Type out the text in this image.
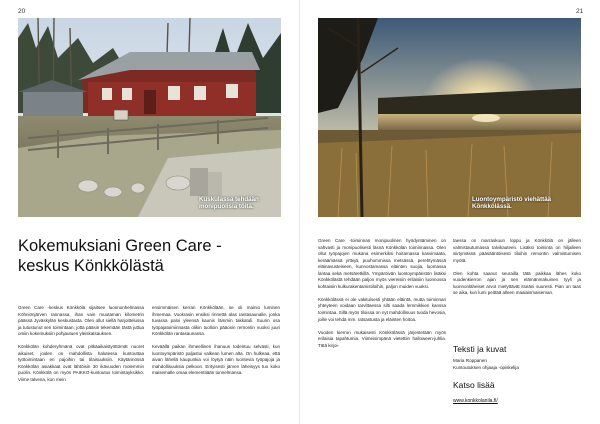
20
Kuskulassa tehdään
monipuolisia töitä.
Kokemuksiani Green Care -
keskus Könkkölästä

Green Care -keskus Könkkölä sijaitsee luonnonhelmassa Köhniönjärven rannassa, ihan vain muutaman kilometrin päässä Jyväskylän keskustasta. Olen ollut siellä harjoittelussa ja tutustunut sen toimintaan, jotta pääsin tekemään tästä juttua omiin kokemuksiin pohjautuen yleiskatsauksen.

Könkkölän kohderyhmänä ovat pitkäaikaistyöttömät nuoret aikuiset, joiden on mahdollista halutessa kuntouttaa työtoimintaan eri pajoihin tai tilaisuuksiin. Käytännössä Könkkölän asiakkaat ovat lähtöisin 30 ikävuoden molemmin puolin. Könkkölä on myös PAIKKO-kuntoutus toimintayksikkö. Viime talvena, kun mein

ensimmäisen kerran Könkkölään, se oli mainio luminen ihmemaa. Vuokrasin ensiksi rinnettä alas rantasaunalle, jonka tuvassa paloi yleensä kaunis lämmin takkatuli. Suurin osa työpajatoiminnasta olikin tuolloin pääosin remontin vuoksi juuri Könkkölän rantasaunassa.

Keväällä paikan ihmeellinen ihanuus todentuu selvästi, kun luontoympäristö paljastui valkean lumen alta. On hulkeaa, että aivan lähellä kaupunkia voi löytyä näin luontevia työpajoja ja mahdollisuuksia pelkoon. Erityisesti järven läheisyys tuo koko maisemalle omaa elementtiään tunnelmansa.

21
Luontoympäristö viehättää
Könkkölässä.

Green Care -toiminnan monipuolinen hyödyntäminen on vahvasti ja monipuolisesti läsnä Könkkölän toiminnassa. Olen ollut työpajojen mukana esimerkiksi hoitamassa kasvimaata, keräämässä yrttejä, puuhommissa metsässä, perehtymässä eläinavusteiseen, kunnostamassa eläinten suojia, luomassa lantaa sekä metsäretkillä. Ympäröivän luontoympäristön lisäksi Könkkölästä tehdään paljon myös viereisiin erilaisiin luonnossa kohtaisiin kulkurakentamistiloihin, paljon muiden vuoksi.

Könkkölässä ei ole vakituisesti yhtään eläintä, mutta toiminnan yhteyteen voidaan tarvittaessa silti saada lemmikkien kanssa toimintaa. Sillä myös tiloissa on nyt mahdollisuus tuoda hevosia, joille voi tehdä mm. ratsastusta ja eläinten hoitoa.

Vuoden kierron mukaisesti Könkkölässä järjestetään myös erilaisia tapahtumia. Viimeisimpänä vietettiin halloween-juhlia. Tätä kirjoi-

taessa on marraskuun loppu ja Könkkölä on jälleen valmistautumassa talvikauteen. Lisäksi toiminta on hiljalleen siirtymässä pääsääntöisesti tiloihin remontin valmistumisen myötä.

Olen kohta saanut seurailla tätä paikkaa lähes koko vuodenkierron ajan ja sen elämänmakuinen tyyli ja luonnonläheiset arvot mielyttävät itseäni suuresti. Pian on taas se aika, kun lumi peittää alleen maalaismaiseman.

Teksti ja kuvat
Maria Roppanen
Kuntoutuksen ohjaaja -opiskelija
Katso lisää
www.konkkolanila.fi/
